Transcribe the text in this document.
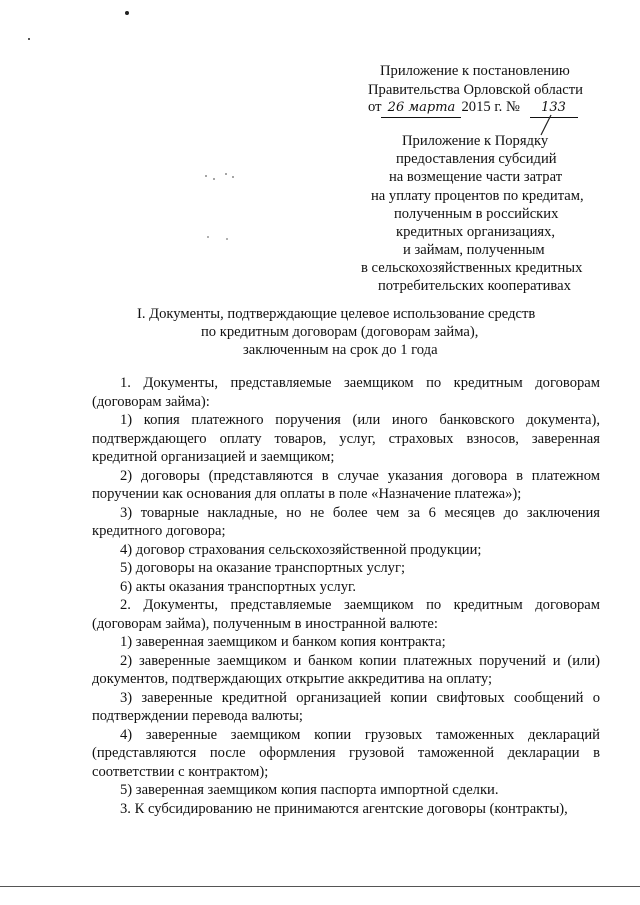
Приложение к постановлению
Правительства Орловской области
от 26 марта 2015 г. № 133
Приложение к Порядку
предоставления субсидий
на возмещение части затрат
на уплату процентов по кредитам,
полученным в российских
кредитных организациях,
и займам, полученным
в сельскохозяйственных кредитных
потребительских кооперативах
I. Документы, подтверждающие целевое использование средств
по кредитным договорам (договорам займа),
заключенным на срок до 1 года

1. Документы, представляемые заемщиком по кредитным договорам (договорам займа):

1) копия платежного поручения (или иного банковского документа), подтверждающего оплату товаров, услуг, страховых взносов, заверенная кредитной организацией и заемщиком;

2) договоры (представляются в случае указания договора в платежном поручении как основания для оплаты в поле «Назначение платежа»);

3) товарные накладные, но не более чем за 6 месяцев до заключения кредитного договора;

4) договор страхования сельскохозяйственной продукции;

5) договоры на оказание транспортных услуг;

6) акты оказания транспортных услуг.

2. Документы, представляемые заемщиком по кредитным договорам (договорам займа), полученным в иностранной валюте:

1) заверенная заемщиком и банком копия контракта;

2) заверенные заемщиком и банком копии платежных поручений и (или) документов, подтверждающих открытие аккредитива на оплату;

3) заверенные кредитной организацией копии свифтовых сообщений о подтверждении перевода валюты;

4) заверенные заемщиком копии грузовых таможенных деклараций (представляются после оформления грузовой таможенной декларации в соответствии с контрактом);

5) заверенная заемщиком копия паспорта импортной сделки.

3. К субсидированию не принимаются агентские договоры (контракты),
